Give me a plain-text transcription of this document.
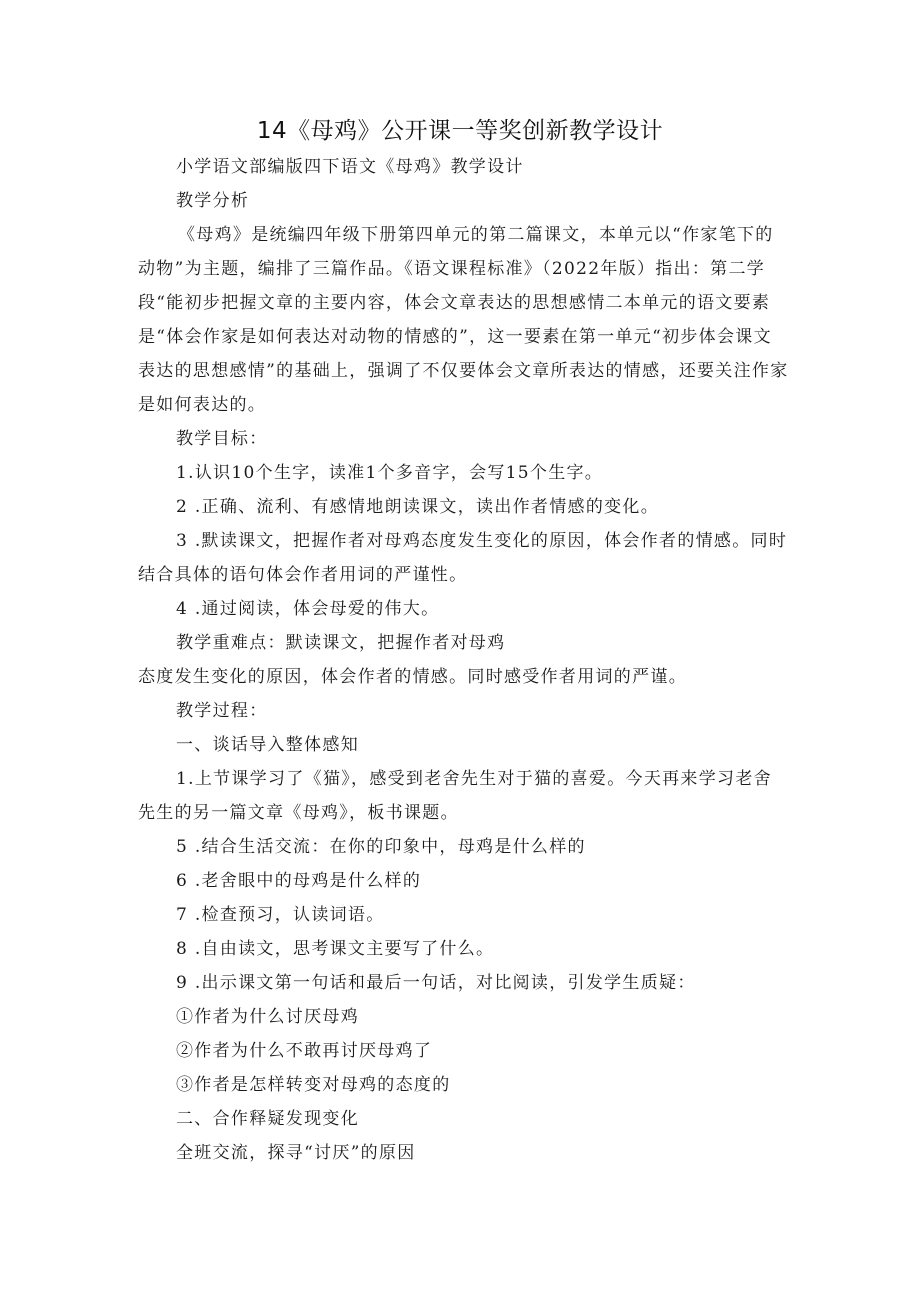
14《母鸡》公开课一等奖创新教学设计

小学语文部编版四下语文《母鸡》教学设计

教学分析

《母鸡》是统编四年级下册第四单元的第二篇课文，本单元以“作家笔下的动物”为主题，编排了三篇作品。《语文课程标准》（2022年版）指出：第二学段“能初步把握文章的主要内容，体会文章表达的思想感情二本单元的语文要素是“体会作家是如何表达对动物的情感的”，这一要素在第一单元“初步体会课文表达的思想感情”的基础上，强调了不仅要体会文章所表达的情感，还要关注作家是如何表达的。

教学目标：

1.认识10个生字，读准1个多音字，会写15个生字。

2 .正确、流利、有感情地朗读课文，读出作者情感的变化。

3 .默读课文，把握作者对母鸡态度发生变化的原因，体会作者的情感。同时结合具体的语句体会作者用词的严谨性。

4 .通过阅读，体会母爱的伟大。

教学重难点：默读课文，把握作者对母鸡

态度发生变化的原因，体会作者的情感。同时感受作者用词的严谨。

教学过程：

一、谈话导入整体感知

1.上节课学习了《猫》，感受到老舍先生对于猫的喜爱。今天再来学习老舍先生的另一篇文章《母鸡》，板书课题。

5 .结合生活交流：在你的印象中，母鸡是什么样的

6 .老舍眼中的母鸡是什么样的

7 .检查预习，认读词语。

8 .自由读文，思考课文主要写了什么。

9 .出示课文第一句话和最后一句话，对比阅读，引发学生质疑：

①作者为什么讨厌母鸡

②作者为什么不敢再讨厌母鸡了

③作者是怎样转变对母鸡的态度的

二、合作释疑发现变化

全班交流，探寻“讨厌”的原因
